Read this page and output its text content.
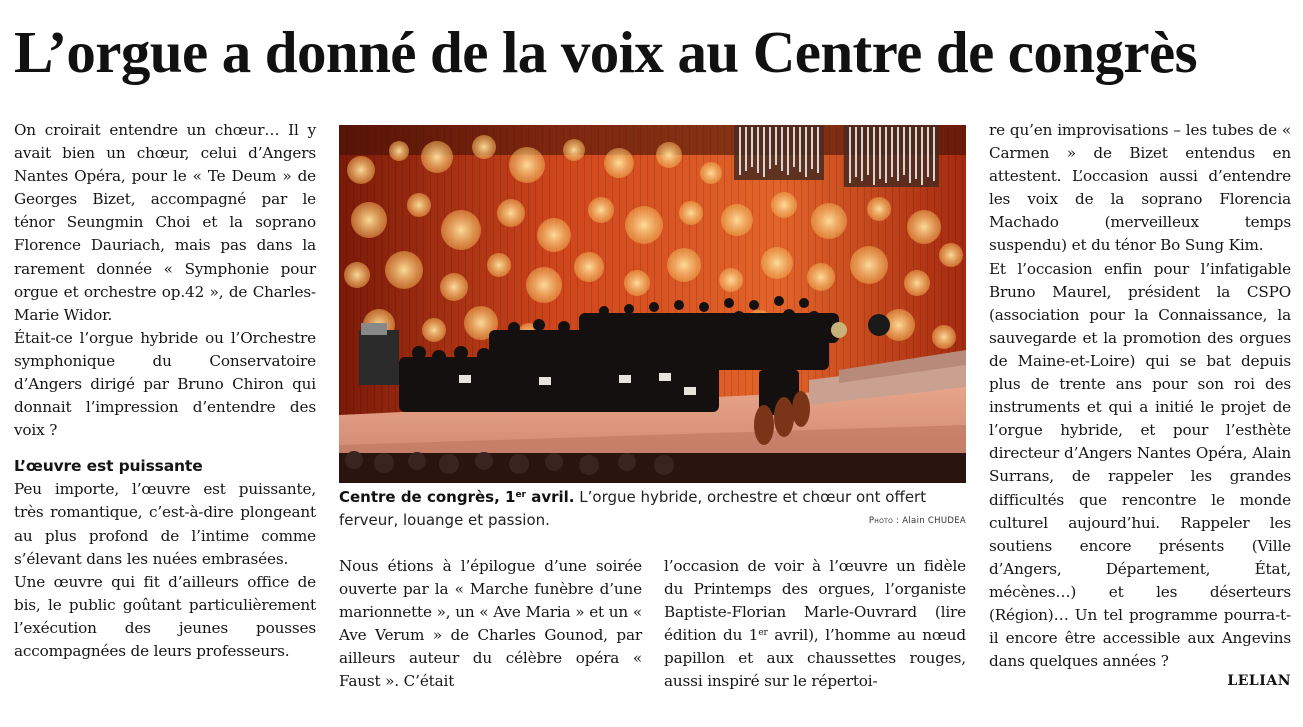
L’orgue a donné de la voix au Centre de congrès

On croirait entendre un chœur… Il y avait bien un chœur, celui d’Angers Nantes Opéra, pour le « Te Deum » de Georges Bizet, accompagné par le ténor Seungmin Choi et la soprano Florence Dauriach, mais pas dans la rarement donnée « Symphonie pour orgue et orchestre op.42 », de Charles-Marie Widor.

Était-ce l’orgue hybride ou l’Orchestre symphonique du Conservatoire d’Angers dirigé par Bruno Chiron qui donnait l’impression d’entendre des voix ?

L’œuvre est puissante

Peu importe, l’œuvre est puissante, très romantique, c’est-à-dire plongeant au plus profond de l’intime comme s’élevant dans les nuées embrasées.

Une œuvre qui fit d’ailleurs office de bis, le public goûtant particulièrement l’exécution des jeunes pousses accompagnées de leurs professeurs.

Centre de congrès, 1er avril. L’orgue hybride, orchestre et chœur ont offert ferveur, louange et passion.	Photo : Alain CHUDEA

Nous étions à l’épilogue d’une soirée ouverte par la « Marche funèbre d’une marionnette », un « Ave Maria » et un « Ave Verum » de Charles Gounod, par ailleurs auteur du célèbre opéra « Faust ». C’était

l’occasion de voir à l’œuvre un fidèle du Printemps des orgues, l’organiste Baptiste-Florian Marle-Ouvrard (lire édition du 1er avril), l’homme au nœud papillon et aux chaussettes rouges, aussi inspiré sur le répertoi-

re qu’en improvisations – les tubes de « Carmen » de Bizet entendus en attestent. L’occasion aussi d’entendre les voix de la soprano Florencia Machado (merveilleux temps suspendu) et du ténor Bo Sung Kim.

Et l’occasion enfin pour l’infatigable Bruno Maurel, président la CSPO (association pour la Connaissance, la sauvegarde et la promotion des orgues de Maine-et-Loire) qui se bat depuis plus de trente ans pour son roi des instruments et qui a initié le projet de l’orgue hybride, et pour l’esthète directeur d’Angers Nantes Opéra, Alain Surrans, de rappeler les grandes difficultés que rencontre le monde culturel aujourd’hui. Rappeler les soutiens encore présents (Ville d’Angers, Département, État, mécènes…) et les déserteurs (Région)… Un tel programme pourra-t-il encore être accessible aux Angevins dans quelques années ?

LELIAN
